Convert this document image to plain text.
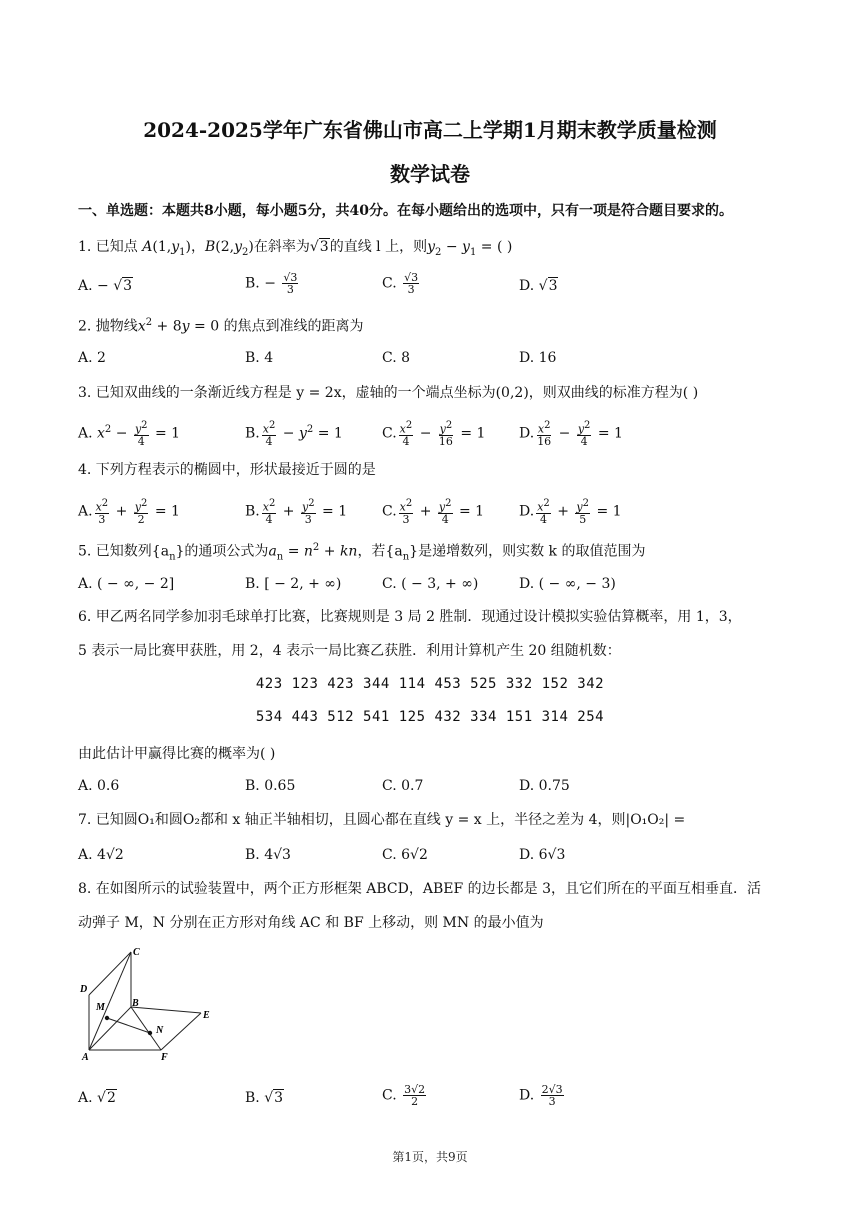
2024-2025学年广东省佛山市高二上学期1月期末教学质量检测
数学试卷
一、单选题：本题共8小题，每小题5分，共40分。在每小题给出的选项中，只有一项是符合题目要求的。
1. 已知点 $A(1,y_1)$，$B(2,y_2)$在斜率为√3的直线 l 上，则$y_2 - y_1$ = ( )
A. − √3	B. − $\frac{√3}{3}$	C. $\frac{√3}{3}$	D. √3
2. 抛物线$x^2 + 8y = 0$ 的焦点到准线的距离为
A. 2	B. 4	C. 8	D. 16
3. 已知双曲线的一条渐近线方程是 y = 2x，虚轴的一个端点坐标为(0,2)，则双曲线的标准方程为( )
A. $x^2 - \frac{y^2}{4} = 1$	B. $\frac{x^2}{4} - y^2 = 1$	C. $\frac{x^2}{4} - \frac{y^2}{16} = 1$ D. $\frac{x^2}{16} - \frac{y^2}{4} = 1$
4. 下列方程表示的椭圆中，形状最接近于圆的是
A. $\frac{x^2}{3} + \frac{y^2}{2} = 1$	B. $\frac{x^2}{4} + \frac{y^2}{3} = 1$ C. $\frac{x^2}{3} + \frac{y^2}{4} = 1$ D. $\frac{x^2}{4} + \frac{y^2}{5} = 1$
5. 已知数列$\{a_n\}$的通项公式为$a_n = n^2$ + kn，若$\{a_n\}$是递增数列，则实数 k 的取值范围为
A. ( − ∞, − 2]	B. [ − 2, + ∞)	C. ( − 3, + ∞)	D. ( − ∞, − 3)
6. 甲乙两名同学参加羽毛球单打比赛，比赛规则是 3 局 2 胜制．现通过设计模拟实验估算概率，用 1，3，
5 表示一局比赛甲获胜，用 2，4 表示一局比赛乙获胜．利用计算机产生 20 组随机数：
423 123 423 344 114 453 525 332 152 342
534 443 512 541 125 432 334 151 314 254
由此估计甲赢得比赛的概率为( )
A. 0.6	B. 0.65	C. 0.7	D. 0.75
7. 已知圆O₁和圆O₂都和 x 轴正半轴相切，且圆心都在直线 y = x 上，半径之差为 4，则|O₁O₂| =
A. 4√2	B. 4√3	C. 6√2	D. 6√3
8. 在如图所示的试验装置中，两个正方形框架 ABCD，ABEF 的边长都是 3，且它们所在的平面互相垂直．活
动弹子 M，N 分别在正方形对角线 AC 和 BF 上移动，则 MN 的最小值为
C
D
B
E
M
N
A	F
A. √2	B. √3	C. $\frac{3√2}{2}$	D. $\frac{2√3}{3}$
第1页，共9页
